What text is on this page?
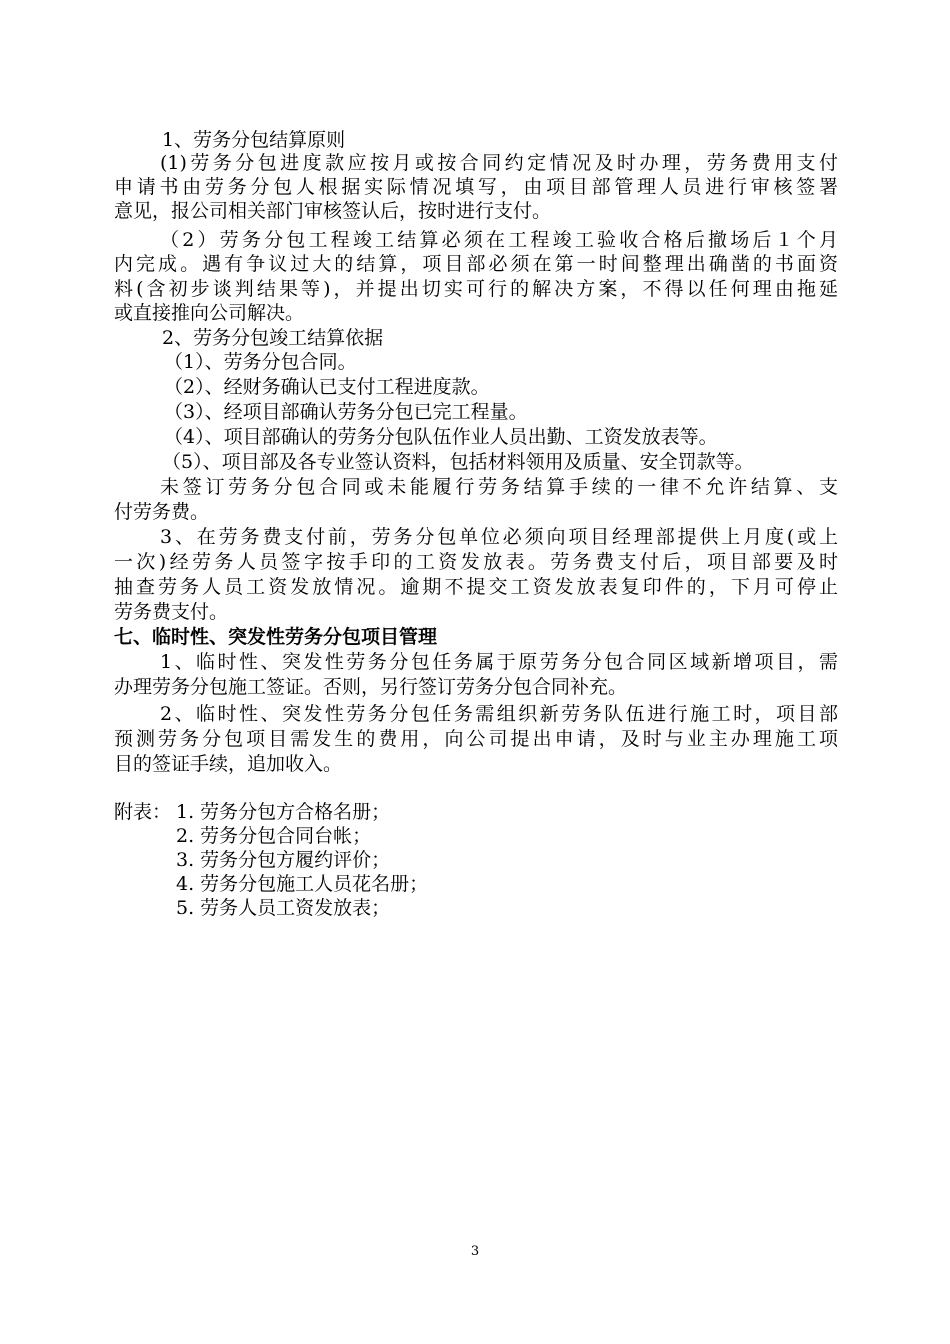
1、劳务分包结算原则
(1)劳务分包进度款应按月或按合同约定情况及时办理，劳务费用支付
申请书由劳务分包人根据实际情况填写，由项目部管理人员进行审核签署
意见，报公司相关部门审核签认后，按时进行支付。
（2）劳务分包工程竣工结算必须在工程竣工验收合格后撤场后１个月
内完成。遇有争议过大的结算，项目部必须在第一时间整理出确凿的书面资
料(含初步谈判结果等)，并提出切实可行的解决方案，不得以任何理由拖延
或直接推向公司解决。
2、劳务分包竣工结算依据
（1）、劳务分包合同。
（2）、经财务确认已支付工程进度款。
（3）、经项目部确认劳务分包已完工程量。
（4）、项目部确认的劳务分包队伍作业人员出勤、工资发放表等。
（5）、项目部及各专业签认资料，包括材料领用及质量、安全罚款等。
未签订劳务分包合同或未能履行劳务结算手续的一律不允许结算、支
付劳务费。
3、在劳务费支付前，劳务分包单位必须向项目经理部提供上月度(或上
一次)经劳务人员签字按手印的工资发放表。劳务费支付后，项目部要及时
抽查劳务人员工资发放情况。逾期不提交工资发放表复印件的，下月可停止
劳务费支付。
七、临时性、突发性劳务分包项目管理
1、临时性、突发性劳务分包任务属于原劳务分包合同区域新增项目，需
办理劳务分包施工签证。否则，另行签订劳务分包合同补充。
2、临时性、突发性劳务分包任务需组织新劳务队伍进行施工时，项目部
预测劳务分包项目需发生的费用，向公司提出申请，及时与业主办理施工项
目的签证手续，追加收入。
附表： 1. 劳务分包方合格名册；
2. 劳务分包合同台帐；
3. 劳务分包方履约评价；
4. 劳务分包施工人员花名册；
5. 劳务人员工资发放表；
3
